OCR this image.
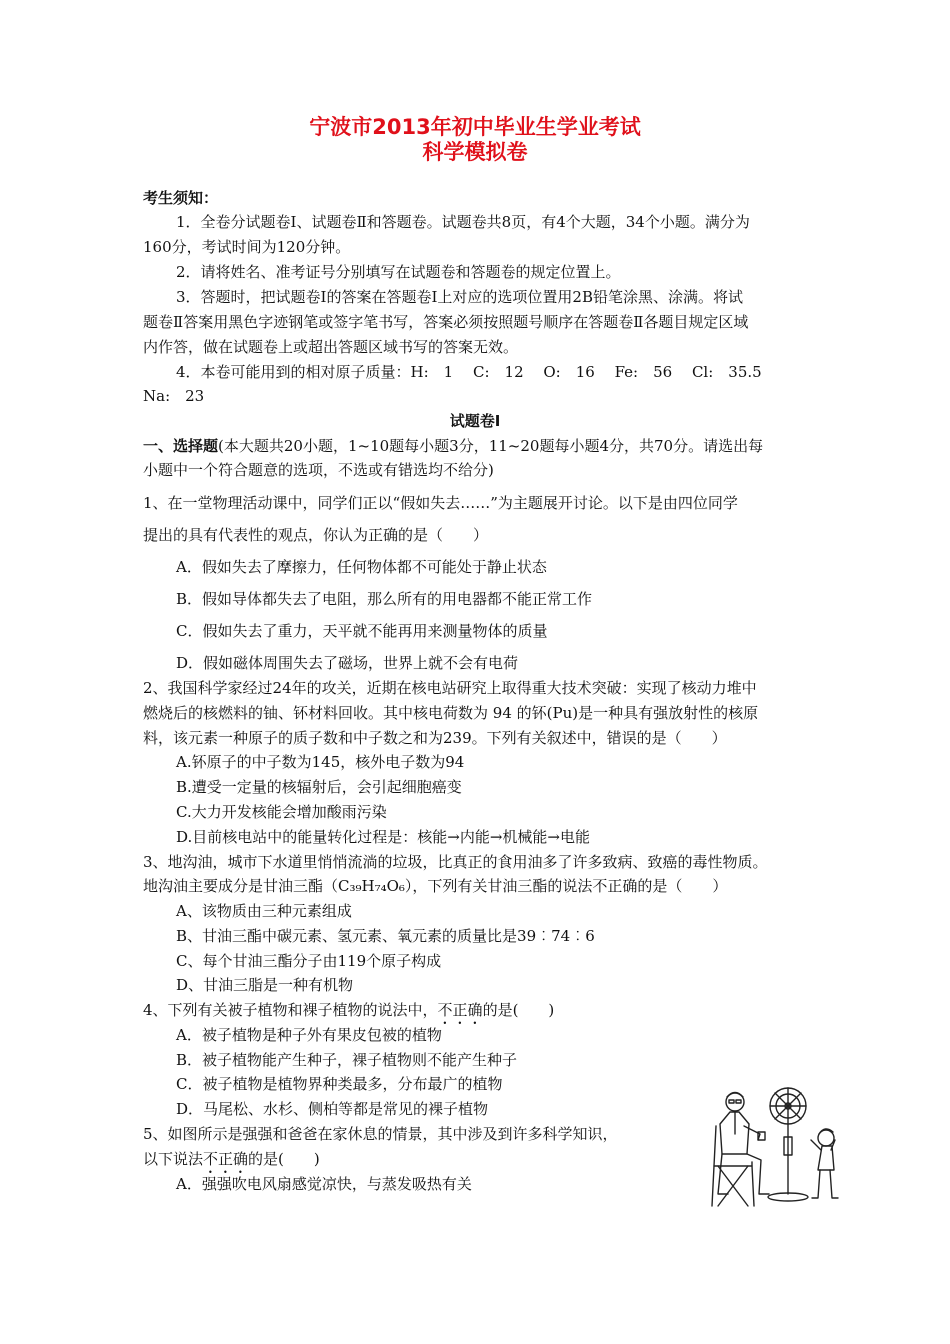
宁波市2013年初中毕业生学业考试
科学模拟卷
考生须知：
1．全卷分试题卷Ⅰ、试题卷Ⅱ和答题卷。试题卷共8页，有4个大题，34个小题。满分为
160分，考试时间为120分钟。
2．请将姓名、准考证号分别填写在试题卷和答题卷的规定位置上。
3．答题时，把试题卷Ⅰ的答案在答题卷Ⅰ上对应的选项位置用2B铅笔涂黑、涂满。将试
题卷Ⅱ答案用黑色字迹钢笔或签字笔书写，答案必须按照题号顺序在答题卷Ⅱ各题目规定区域
内作答，做在试题卷上或超出答题区域书写的答案无效。
4．本卷可能用到的相对原子质量：H:　1　 C:　12　 O:　16　 Fe:　56　 Cl:　35.5
Na:　23
试题卷Ⅰ
一、选择题(本大题共20小题，1~10题每小题3分，11~20题每小题4分，共70分。请选出每
小题中一个符合题意的选项，不选或有错选均不给分)
1、在一堂物理活动课中，同学们正以“假如失去……”为主题展开讨论。以下是由四位同学
提出的具有代表性的观点，你认为正确的是（　　）
A．假如失去了摩擦力，任何物体都不可能处于静止状态
B．假如导体都失去了电阻，那么所有的用电器都不能正常工作
C．假如失去了重力，天平就不能再用来测量物体的质量
D．假如磁体周围失去了磁场，世界上就不会有电荷
2、我国科学家经过24年的攻关，近期在核电站研究上取得重大技术突破：实现了核动力堆中
燃烧后的核燃料的铀、钚材料回收。其中核电荷数为 94 的钚(Pu)是一种具有强放射性的核原
料，该元素一种原子的质子数和中子数之和为239。下列有关叙述中，错误的是（　　）
A.钚原子的中子数为145，核外电子数为94
B.遭受一定量的核辐射后，会引起细胞癌变
C.大力开发核能会增加酸雨污染
D.目前核电站中的能量转化过程是：核能→内能→机械能→电能
3、地沟油，城市下水道里悄悄流淌的垃圾，比真正的食用油多了许多致病、致癌的毒性物质。
地沟油主要成分是甘油三酯（C₃₉H₇₄O₆），下列有关甘油三酯的说法不正确的是（　　）
A、该物质由三种元素组成
B、甘油三酯中碳元素、氢元素、氧元素的质量比是39︰74︰6
C、每个甘油三酯分子由119个原子构成
D、甘油三脂是一种有机物
4、下列有关被子植物和裸子植物的说法中，不正确的是(　　)
A．被子植物是种子外有果皮包被的植物
B．被子植物能产生种子，裸子植物则不能产生种子
C．被子植物是植物界种类最多，分布最广的植物
D．马尾松、水杉、侧柏等都是常见的裸子植物
5、如图所示是强强和爸爸在家休息的情景，其中涉及到许多科学知识，
以下说法不正确的是(　　)
A．强强吹电风扇感觉凉快，与蒸发吸热有关
